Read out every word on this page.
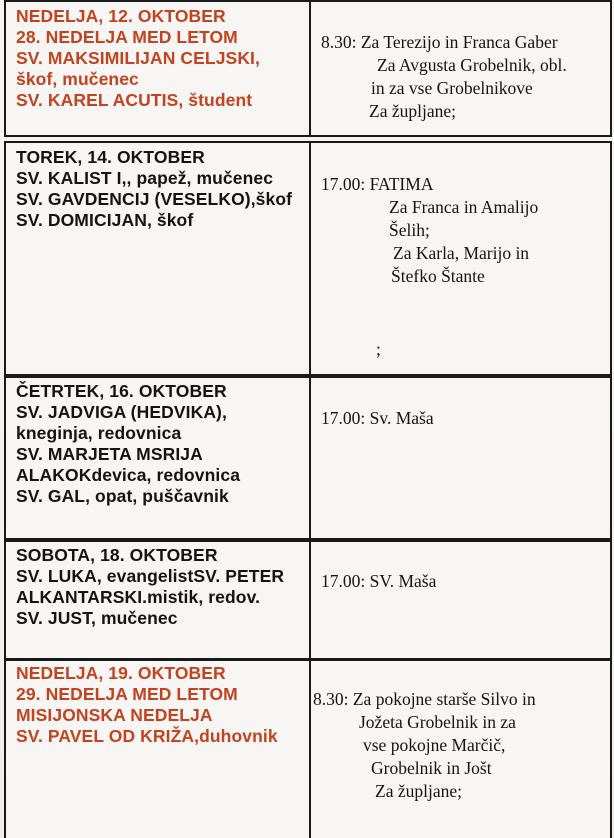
NEDELJA, 12. OKTOBER
28. NEDELJA MED LETOM
SV. MAKSIMILIJAN CELJSKI,
škof, mučenec
SV. KAREL ACUTIS, študent
8.30: Za Terezijo in Franca Gaber
Za Avgusta Grobelnik, obl.
in za vse Grobelnikove
Za župljane;
TOREK, 14. OKTOBER
SV. KALIST I,, papež, mučenec
SV. GAVDENCIJ (VESELKO),škof
SV. DOMICIJAN, škof
17.00: FATIMA
Za Franca in Amalijo
Šelih;
Za Karla, Marijo in
Štefko Štante
;
ČETRTEK, 16. OKTOBER
SV. JADVIGA (HEDVIKA),
kneginja, redovnica
SV. MARJETA MSRIJA
ALAKOKdevica, redovnica
SV. GAL, opat, puščavnik
17.00: Sv. Maša
SOBOTA, 18. OKTOBER
SV. LUKA, evangelistSV. PETER
ALKANTARSKI.mistik, redov.
SV. JUST, mučenec
17.00: SV. Maša
NEDELJA, 19. OKTOBER
29. NEDELJA MED LETOM
MISIJONSKA NEDELJA
SV. PAVEL OD KRIŽA,duhovnik
8.30: Za pokojne starše Silvo in
Jožeta Grobelnik in za
vse pokojne Marčič,
Grobelnik in Jošt
Za župljane;
